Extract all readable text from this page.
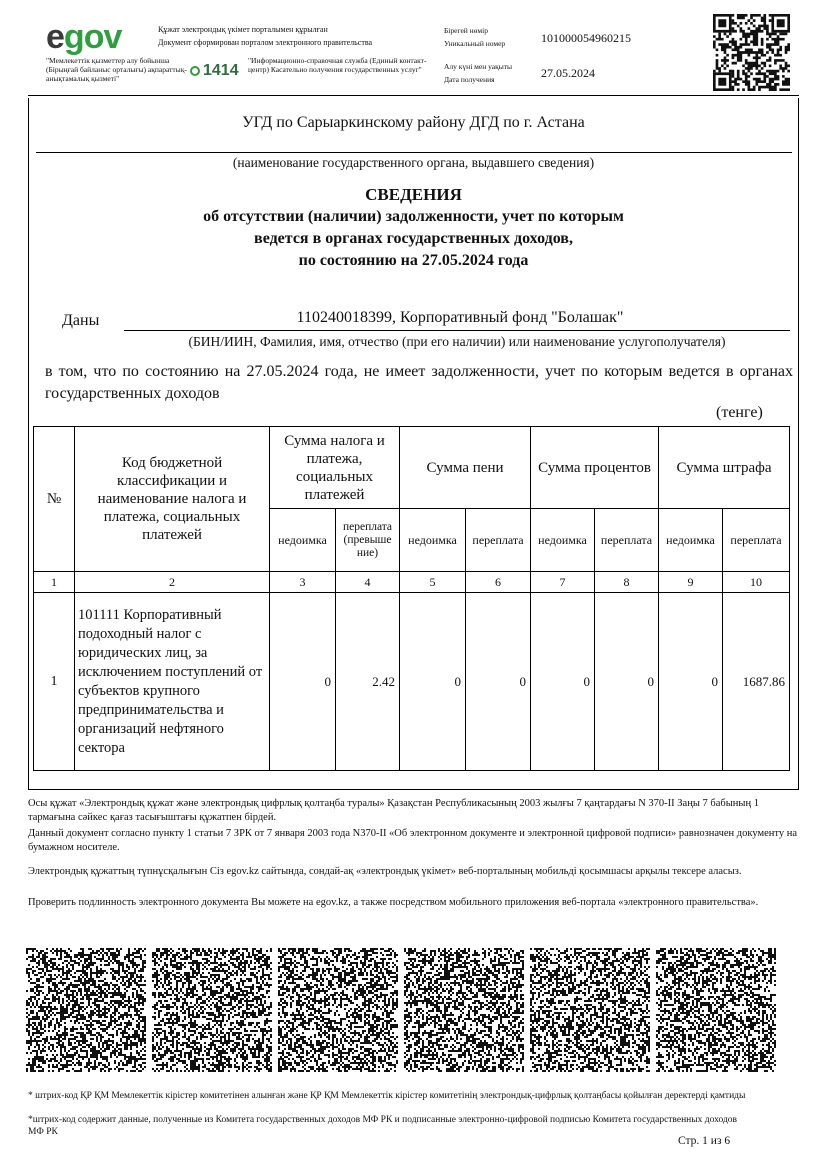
egov
"Мемлекеттік қызметтер алу бойынша (Бірыңғай байланыс орталығы) ақпараттық-анықтамалық қызметі"
Құжат электрондық үкімет порталымен құрылған
Документ сформирован порталом электронного правительства
1414
"Информационно-справочная служба (Единый контакт-центр) Касательно получения государственных услуг"
Бірегей нөмір
Уникальный номер	101000054960215
Алу күні мен уақыты
Дата получения	27.05.2024
УГД по Сарыаркинскому району ДГД по г. Астана
(наименование государственного органа, выдавшего сведения)
СВЕДЕНИЯ
об отсутствии (наличии) задолженности, учет по которым
ведется в органах государственных доходов,
по состоянию на 27.05.2024 года
Даны	110240018399, Корпоративный фонд "Болашак"
(БИН/ИИН, Фамилия, имя, отчество (при его наличии) или наименование услугополучателя)
в том, что по состоянию на 27.05.2024 года, не имеет задолженности, учет по которым ведется в органах государственных доходов
(тенге)
№	Код бюджетной классификации и наименование налога и платежа, социальных платежей	Сумма налога и платежа, социальных платежей		Сумма пени		Сумма процентов		Сумма штрафа	
		недоимка	переплата (превыше ние)	недоимка	переплата	недоимка	переплата	недоимка	переплата
1	2	3	4	5	6	7	8	9	10
1	101111 Корпоративный подоходный налог с юридических лиц, за исключением поступлений от субъектов крупного предпринимательства и организаций нефтяного сектора	0	2.42	0	0	0	0	0	1687.86
Осы құжат «Электрондық құжат және электрондық цифрлық қолтаңба туралы» Қазақстан Республикасының 2003 жылғы 7 қаңтардағы N 370-II Заңы 7 бабының 1 тармағына сәйкес қағаз тасығыштағы құжатпен бірдей.
Данный документ согласно пункту 1 статьи 7 ЗРК от 7 января 2003 года N370-II «Об электронном документе и электронной цифровой подписи» равнозначен документу на бумажном носителе.
Электрондық құжаттың түпнұсқалығын Сіз egov.kz сайтында, сондай-ақ «электрондық үкімет» веб-порталының мобильді қосымшасы арқылы тексере аласыз.
Проверить подлинность электронного документа Вы можете на egov.kz, а также посредством мобильного приложения веб-портала «электронного правительства».
* штрих-код ҚР ҚМ Мемлекеттік кірістер комитетінен алынған және ҚР ҚМ Мемлекеттік кірістер комитетінің электрондық-цифрлық қолтаңбасы қойылған деректерді қамтиды
*штрих-код содержит данные, полученные из Комитета государственных доходов МФ РК и подписанные электронно-цифровой подписью Комитета государственных доходов МФ РК
Стр. 1 из 6
